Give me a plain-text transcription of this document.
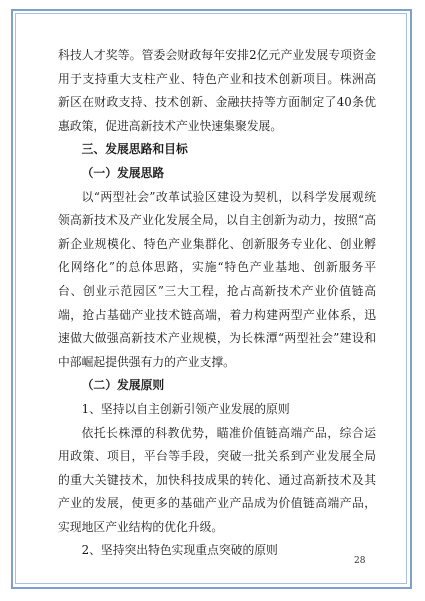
科技人才奖等。管委会财政每年安排2亿元产业发展专项资金用于支持重大支柱产业、特色产业和技术创新项目。株洲高新区在财政支持、技术创新、金融扶持等方面制定了40条优惠政策，促进高新技术产业快速集聚发展。

三、发展思路和目标

（一）发展思路

以“两型社会”改革试验区建设为契机，以科学发展观统领高新技术及产业化发展全局，以自主创新为动力，按照“高新企业规模化、特色产业集群化、创新服务专业化、创业孵化网络化”的总体思路，实施“特色产业基地、创新服务平台、创业示范园区”三大工程，抢占高新技术产业价值链高端，抢占基础产业技术链高端，着力构建两型产业体系，迅速做大做强高新技术产业规模，为长株潭“两型社会”建设和中部崛起提供强有力的产业支撑。

（二）发展原则

1、坚持以自主创新引领产业发展的原则

依托长株潭的科教优势，瞄准价值链高端产品，综合运用政策、项目，平台等手段，突破一批关系到产业发展全局的重大关键技术，加快科技成果的转化、通过高新技术及其产业的发展，使更多的基础产业产品成为价值链高端产品，实现地区产业结构的优化升级。

2、坚持突出特色实现重点突破的原则

28
